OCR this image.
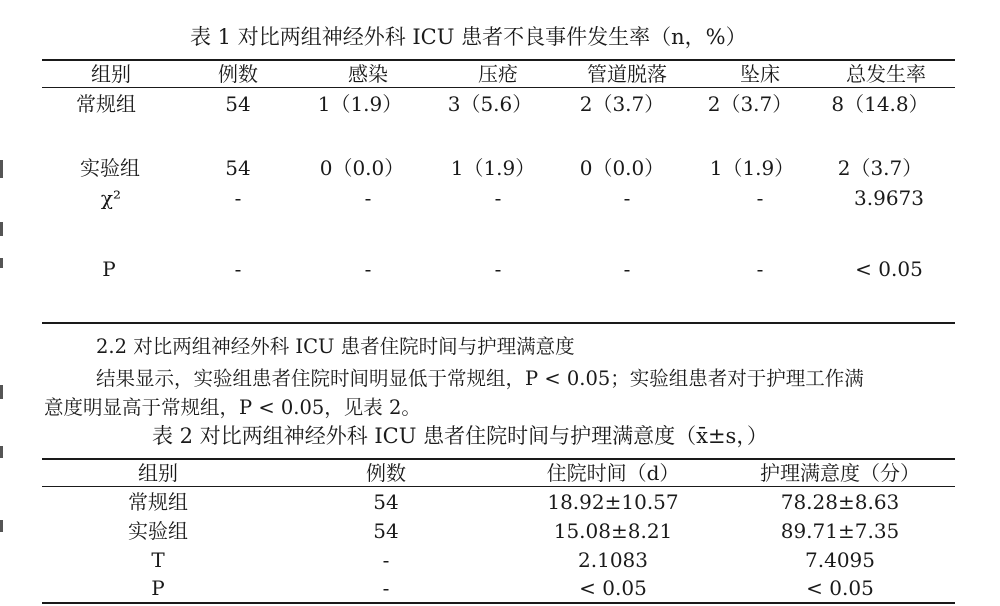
表 1 对比两组神经外科 ICU 患者不良事件发生率（n，%）
组别	例数	感染	压疮	管道脱落	坠床	总发生率
常规组	54	1（1.9） 3（5.6） 2（3.7） 2（3.7） 8（14.8）
实验组	54	0（0.0） 1（1.9） 0（0.0） 1（1.9） 2（3.7）
χ²	-	-	-	-	-	3.9673
P	-	-	-	-	-	< 0.05
2.2 对比两组神经外科 ICU 患者住院时间与护理满意度
结果显示，实验组患者住院时间明显低于常规组，P < 0.05；实验组患者对于护理工作满
意度明显高于常规组，P < 0.05，见表 2。
表 2 对比两组神经外科 ICU 患者住院时间与护理满意度（x̄±s，）
组别	例数	住院时间（d）	护理满意度（分）
常规组	54	18.92±10.57	78.28±8.63
实验组	54	15.08±8.21	89.71±7.35
T	-	2.1083	7.4095
P	-	< 0.05	< 0.05
